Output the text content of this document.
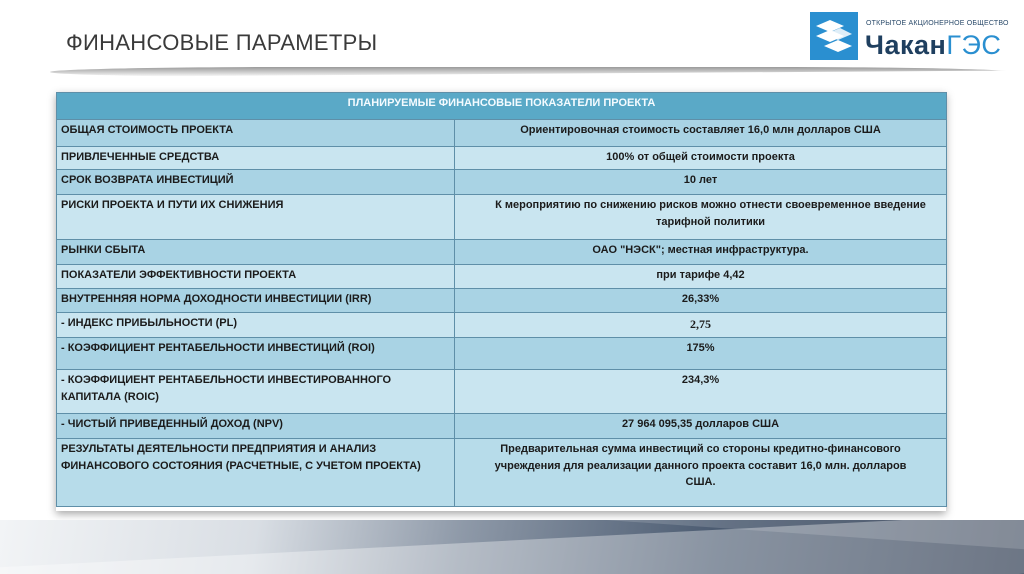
ФИНАНСОВЫЕ ПАРАМЕТРЫ
ОТКРЫТОЕ АКЦИОНЕРНОЕ ОБЩЕСТВО
ЧаканГЭС
ПЛАНИРУЕМЫЕ ФИНАНСОВЫЕ ПОКАЗАТЕЛИ ПРОЕКТА	
ОБЩАЯ СТОИМОСТЬ ПРОЕКТА	Ориентировочная стоимость составляет 16,0 млн долларов США
ПРИВЛЕЧЕННЫЕ СРЕДСТВА	100% от общей стоимости проекта
СРОК ВОЗВРАТА ИНВЕСТИЦИЙ	10 лет
РИСКИ ПРОЕКТА И ПУТИ ИХ СНИЖЕНИЯ	К мероприятию по снижению рисков можно отнести своевременное введение тарифной политики
РЫНКИ СБЫТА	ОАО "НЭСК"; местная инфраструктура.
ПОКАЗАТЕЛИ ЭФФЕКТИВНОСТИ ПРОЕКТА	при тарифе 4,42
ВНУТРЕННЯЯ НОРМА ДОХОДНОСТИ ИНВЕСТИЦИИ (IRR)	26,33%
- ИНДЕКС ПРИБЫЛЬНОСТИ (PL)	2,75
- КОЭФФИЦИЕНТ РЕНТАБЕЛЬНОСТИ ИНВЕСТИЦИЙ (ROI)	175%
- КОЭФФИЦИЕНТ РЕНТАБЕЛЬНОСТИ ИНВЕСТИРОВАННОГО КАПИТАЛА (ROIC)	234,3%
- ЧИСТЫЙ ПРИВЕДЕННЫЙ ДОХОД (NPV)	27 964 095,35 долларов США
РЕЗУЛЬТАТЫ ДЕЯТЕЛЬНОСТИ ПРЕДПРИЯТИЯ И АНАЛИЗ ФИНАНСОВОГО СОСТОЯНИЯ (РАСЧЕТНЫЕ, С УЧЕТОМ ПРОЕКТА)	Предварительная сумма инвестиций со стороны кредитно-финансового учреждения для реализации данного проекта составит 16,0 млн. долларов США.
